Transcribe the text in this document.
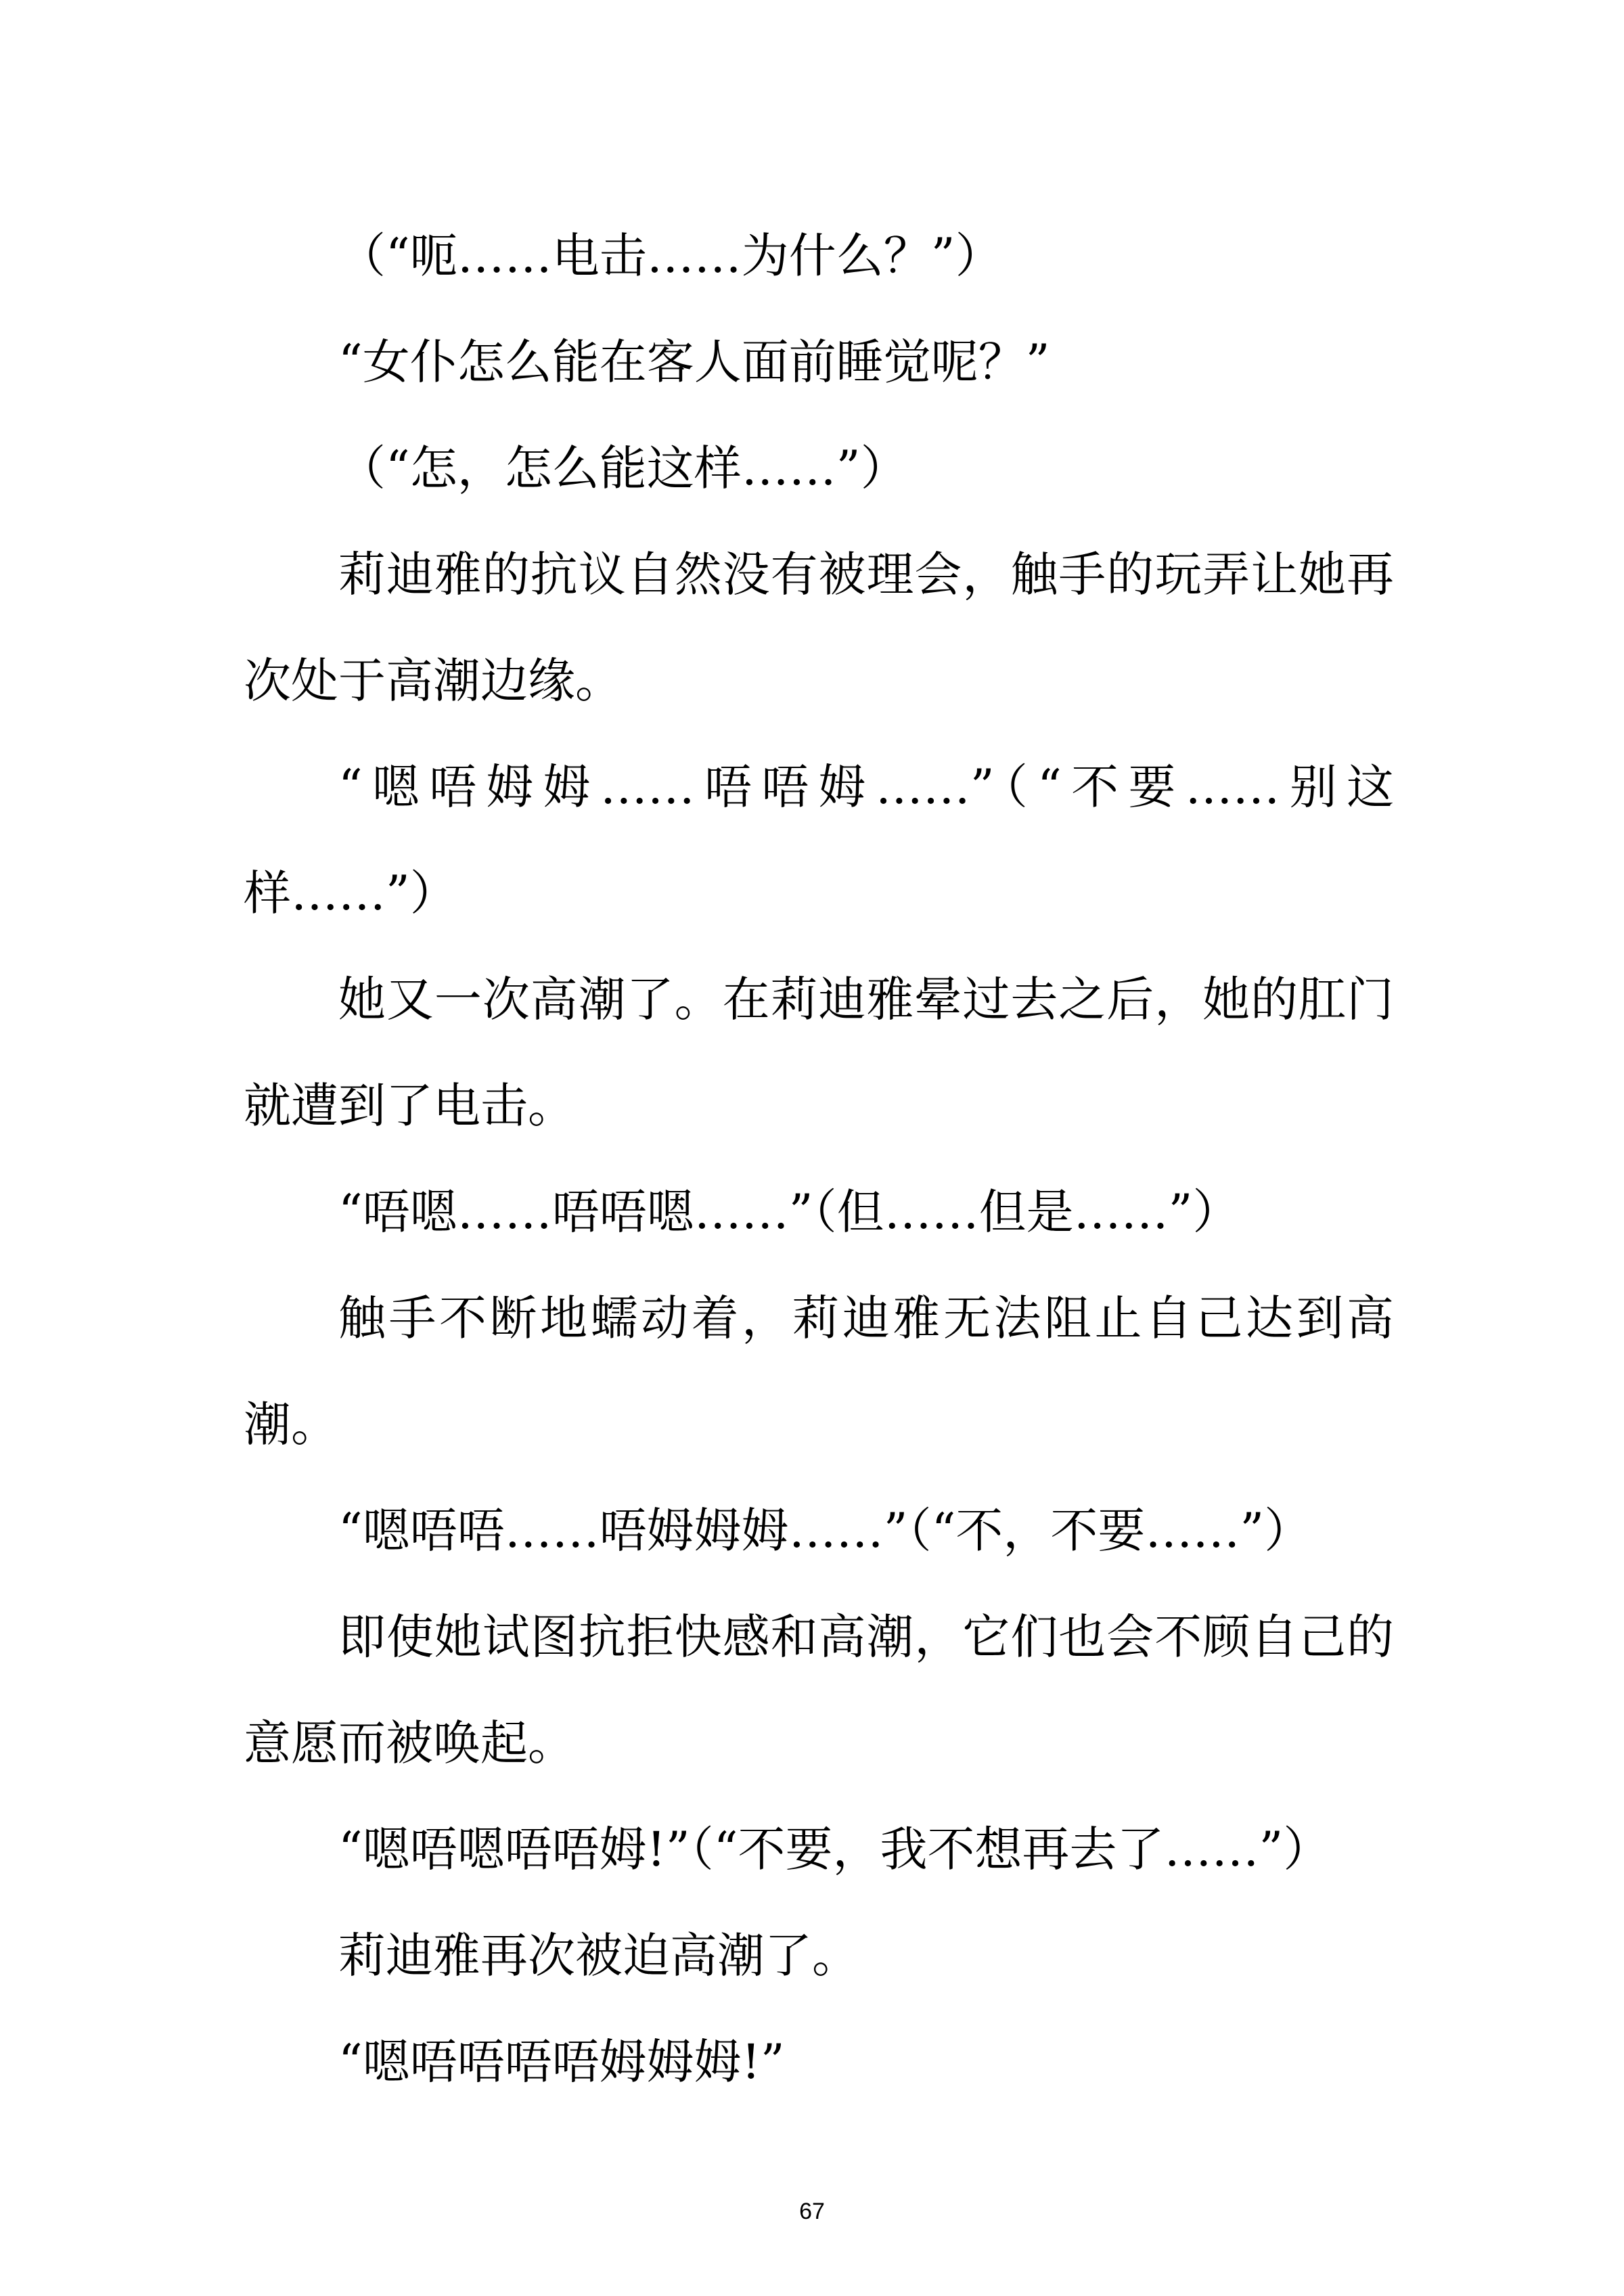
（“呃……电击……为什么？”）

“女仆怎么能在客人面前睡觉呢？”

（“怎，怎么能这样……”）

莉迪雅的抗议自然没有被理会，触手的玩弄让她再次处于高潮边缘。

“嗯唔姆姆……唔唔姆……”（“不要……别这样……”）

她又一次高潮了。在莉迪雅晕过去之后，她的肛门就遭到了电击。

“唔嗯……唔唔嗯……”（但……但是……”）

触手不断地蠕动着，莉迪雅无法阻止自己达到高潮。

“嗯唔唔……唔姆姆姆……”（“不，不要……”）

即使她试图抗拒快感和高潮，它们也会不顾自己的意愿而被唤起。

“嗯唔嗯唔唔姆!”（“不要，我不想再去了……”）

莉迪雅再次被迫高潮了。

“嗯唔唔唔唔姆姆姆!”

67
